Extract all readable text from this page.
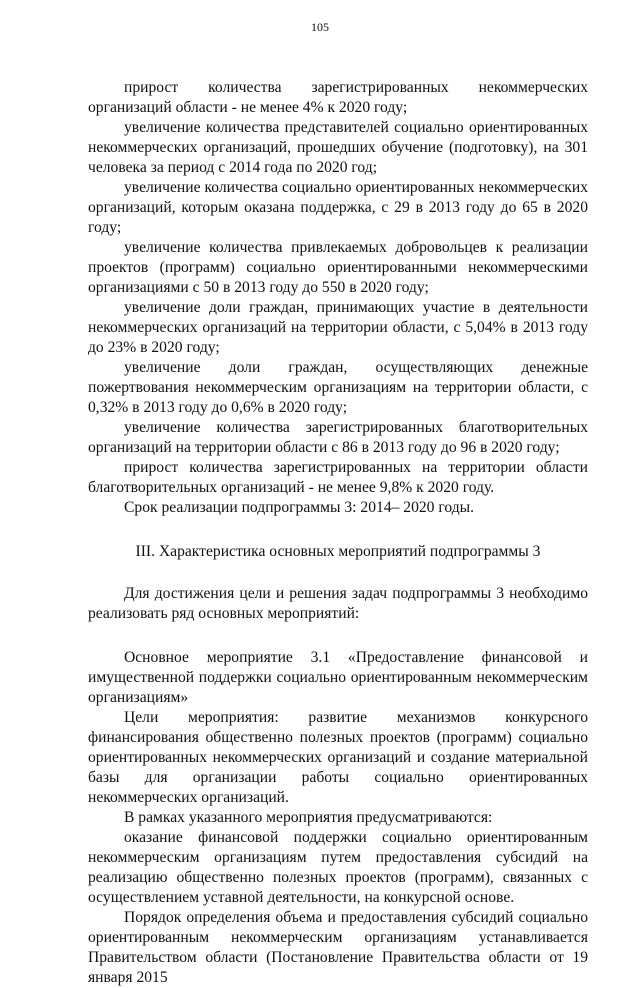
105

прирост количества зарегистрированных некоммерческих организаций области - не менее 4% к 2020 году;

увеличение количества представителей социально ориентированных некоммерческих организаций, прошедших обучение (подготовку), на 301 человека за период с 2014 года по 2020 год;

увеличение количества социально ориентированных некоммерческих организаций, которым оказана поддержка, с 29 в 2013 году до 65 в 2020 году;

увеличение количества привлекаемых добровольцев к реализации проектов (программ) социально ориентированными некоммерческими организациями с 50 в 2013 году до 550 в 2020 году;

увеличение доли граждан, принимающих участие в деятельности некоммерческих организаций на территории области, с 5,04% в 2013 году до 23% в 2020 году;

увеличение доли граждан, осуществляющих денежные пожертвования некоммерческим организациям на территории области, с 0,32% в 2013 году до 0,6% в 2020 году;

увеличение количества зарегистрированных благотворительных организаций на территории области с 86 в 2013 году до 96 в 2020 году;

прирост количества зарегистрированных на территории области благотворительных организаций - не менее 9,8% к 2020 году.

Срок реализации подпрограммы 3: 2014– 2020 годы.

III. Характеристика основных мероприятий подпрограммы 3

Для достижения цели и решения задач подпрограммы 3 необходимо реализовать ряд основных мероприятий:

Основное мероприятие 3.1 «Предоставление финансовой и имущественной поддержки социально ориентированным некоммерческим организациям»

Цели мероприятия: развитие механизмов конкурсного финансирования общественно полезных проектов (программ) социально ориентированных некоммерческих организаций и создание материальной базы для организации работы социально ориентированных некоммерческих организаций.

В рамках указанного мероприятия предусматриваются:

оказание финансовой поддержки социально ориентированным некоммерческим организациям путем предоставления субсидий на реализацию общественно полезных проектов (программ), связанных с осуществлением уставной деятельности, на конкурсной основе.

Порядок определения объема и предоставления субсидий социально ориентированным некоммерческим организациям устанавливается Правительством области (Постановление Правительства области от 19 января 2015
